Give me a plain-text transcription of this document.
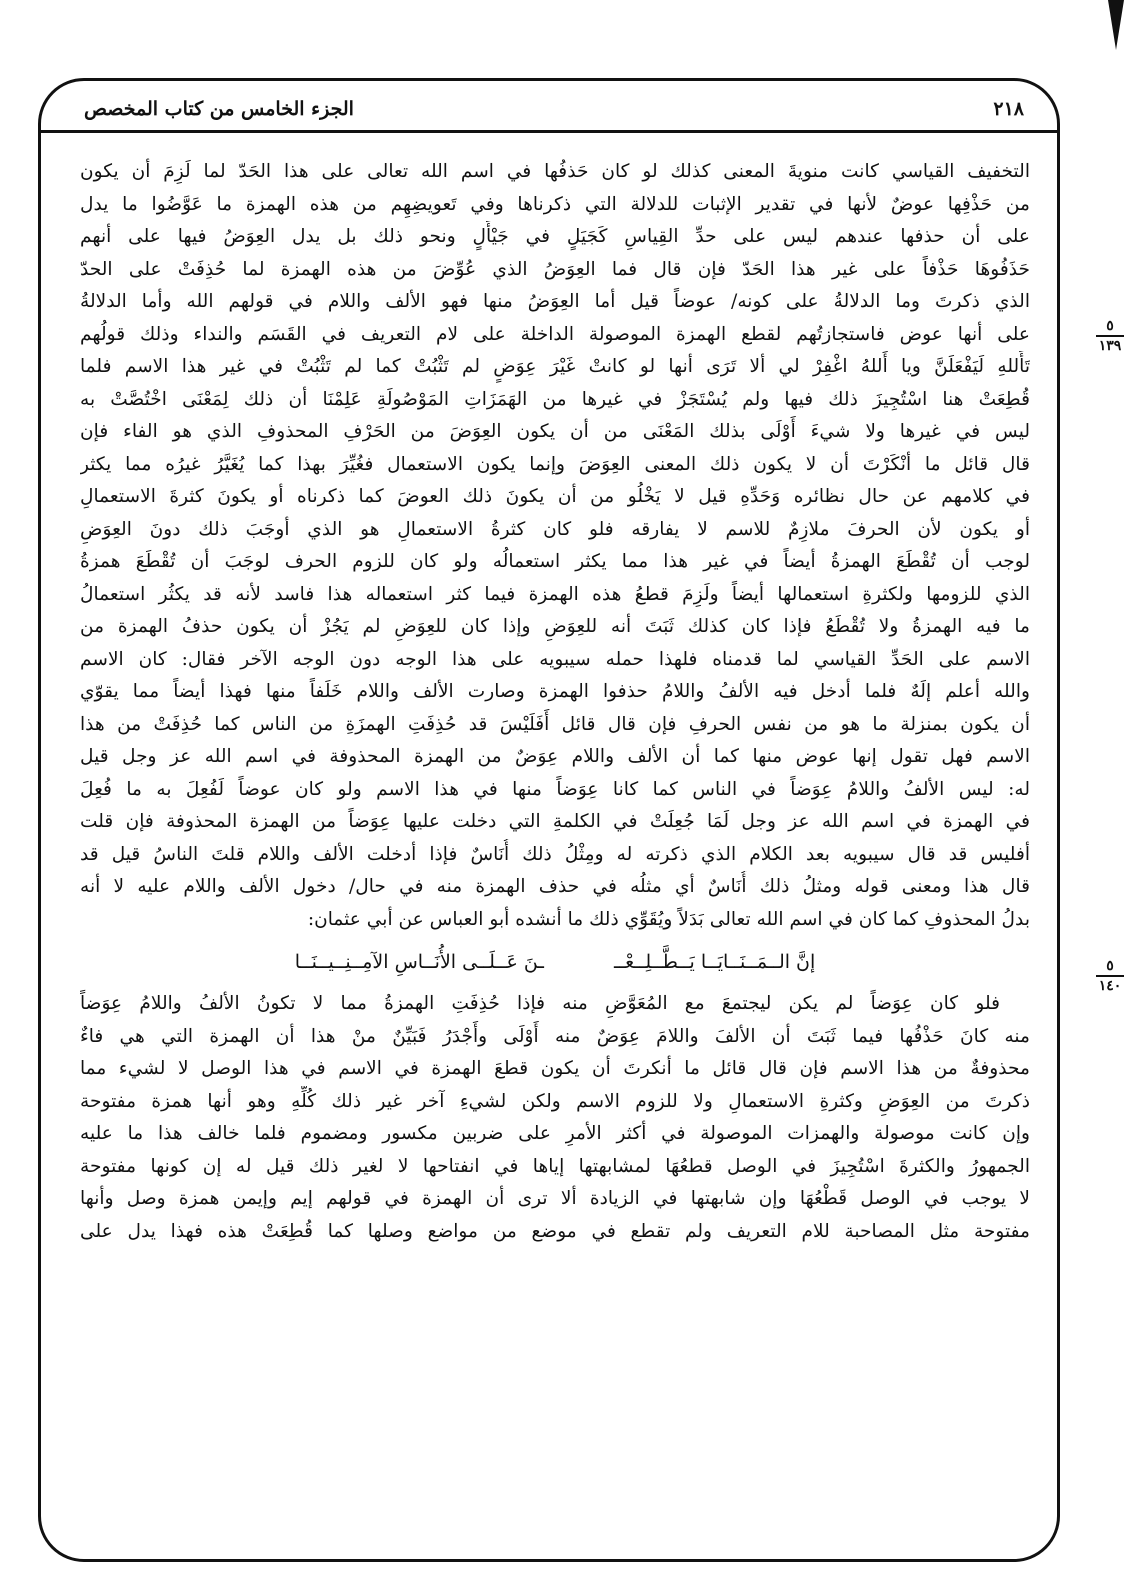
٢١٨
الجزء الخامس من كتاب المخصص
٥
١٣٩
٥
١٤٠
التخفيف القياسي كانت منويةَ المعنى كذلك لو كان حَذفُها في اسم الله تعالى على هذا الحَدّ لما لَزِمَ أن يكون
من حَذْفِها عوضٌ لأنها في تقدير الإثبات للدلالة التي ذكرناها وفي تَعويضِهِم من هذه الهمزة ما عَوَّضُوا ما يدل
على أن حذفها عندهم ليس على حدِّ القِياسِ كَجَيَلٍ في جَيْأَلٍ ونحو ذلك بل يدل العِوَضُ فيها على أنهم
حَذَفُوهَا حَذْفاً على غير هذا الحَدّ فإن قال فما العِوَضُ الذي عُوِّضَ من هذه الهمزة لما حُذِفَتْ على الحدّ
الذي ذكرتَ وما الدلالةُ على كونه/ عوضاً قيل أما العِوَضُ منها فهو الألف واللام في قولهم الله وأما الدلالةُ
على أنها عوض فاستجازتُهم لقطع الهمزة الموصولة الداخلة على لام التعريف في القَسَم والنداء وذلك قولُهم
تَأَللهِ لَيَفْعَلَنَّ ويا أَللهُ اغْفِرْ لي ألا تَرَى أنها لو كانتْ غَيْرَ عِوَضٍ لم تَثْبُتْ كما لم تَثْبُتْ في غير هذا الاسم فلما
قُطِعَتْ هنا اسْتُجِيزَ ذلك فيها ولم يُسْتَجَزْ في غيرها من الهَمَزَاتِ المَوْصُولَةِ عَلِمْنَا أن ذلك لِمَعْنَى اخْتُصَّتْ به
ليس في غيرها ولا شيءَ أَوْلَى بذلك المَعْنَى من أن يكون العِوَضَ من الحَرْفِ المحذوفِ الذي هو الفاء فإن
قال قائل ما أنْكَرْتَ أن لا يكون ذلك المعنى العِوَضَ وإنما يكون الاستعمال فغُيِّرَ بهذا كما يُغَيَّرُ غيرُه مما يكثر
في كلامهم عن حال نظائره وَحَدِّهِ قيل لا يَخْلُو من أن يكونَ ذلك العوضَ كما ذكرناه أو يكونَ كثرةَ الاستعمالِ
أو يكون لأن الحرفَ ملازِمٌ للاسم لا يفارقه فلو كان كثرةُ الاستعمالِ هو الذي أوجَبَ ذلك دونَ العِوَضِ
لوجب أن تُقْطَعَ الهمزةُ أيضاً في غير هذا مما يكثر استعمالُه ولو كان للزوم الحرف لوجَبَ أن تُقْطَعَ همزةُ
الذي للزومها ولكثرةِ استعمالها أيضاً ولَزِمَ قطعُ هذه الهمزة فيما كثر استعماله هذا فاسد لأنه قد يكثُر استعمالُ
ما فيه الهمزةُ ولا تُقْطَعُ فإذا كان كذلك ثَبَتَ أنه للعِوَضِ وإذا كان للعِوَضِ لم يَجُزْ أن يكون حذفُ الهمزة من
الاسم على الحَدِّ القياسي لما قدمناه فلهذا حمله سيبويه على هذا الوجه دون الوجه الآخر فقال: كان الاسم
والله أعلم إلَهٌ فلما أدخل فيه الألفُ واللامُ حذفوا الهمزة وصارت الألف واللام خَلَفاً منها فهذا أيضاً مما يقوّي
أن يكون بمنزلة ما هو من نفس الحرفِ فإن قال قائل أَفَلَيْسَ قد حُذِفَتِ الهمزَةِ من الناس كما حُذِفَتْ من هذا
الاسم فهل تقول إنها عوض منها كما أن الألف واللام عِوَضٌ من الهمزة المحذوفة في اسم الله عز وجل قيل
له: ليس الألفُ واللامُ عِوَضاً في الناس كما كانا عِوَضاً منها في هذا الاسم ولو كان عوضاً لَفُعِلَ به ما فُعِلَ
في الهمزة في اسم الله عز وجل لَمَا جُعِلَتْ في الكلمةِ التي دخلت عليها عِوَضاً من الهمزة المحذوفة فإن قلت
أفليس قد قال سيبويه بعد الكلام الذي ذكرته له ومِثْلُ ذلك أُنَاسٌ فإذا أدخلت الألف واللام قلتَ الناسُ قيل قد
قال هذا ومعنى قوله ومثلُ ذلك أُنَاسٌ أي مثلُه في حذف الهمزة منه في حال/ دخول الألف واللام عليه لا أنه
بدلُ المحذوفِ كما كان في اسم الله تعالى بَدَلاً ويُقَوِّي ذلك ما أنشده أبو العباس عن أبي عثمان:
إنَّ الــمَــنَــايَــا يَــطَّــلِــعْــ
ـنَ عَــلَــى الأُنَــاسِ الآمِــنِــيــنَــا
فلو كان عِوَضاً لم يكن ليجتمعَ مع المُعَوَّضِ منه فإذا حُذِفَتِ الهمزةُ مما لا تكونُ الألفُ واللامُ عِوَضاً
منه كانَ حَذْفُها فيما ثَبَتَ أن الألفَ واللامَ عِوَضٌ منه أَوْلَى وأَجْدَرُ فَبَيِّنٌ منْ هذا أن الهمزة التي هي فاءٌ
محذوفةٌ من هذا الاسم فإن قال قائل ما أنكرتَ أن يكون قطعَ الهمزة في الاسم في هذا الوصل لا لشيء مما
ذكرتَ من العِوَضِ وكثرةِ الاستعمالِ ولا للزوم الاسم ولكن لشيءِ آخر غير ذلك كُلِّهِ وهو أنها همزة مفتوحة
وإن كانت موصولة والهمزات الموصولة في أكثر الأمرِ على ضربين مكسور ومضموم فلما خالف هذا ما عليه
الجمهورُ والكثرةَ اسْتُجِيزَ في الوصل قطعُهَا لمشابهتها إياها في انفتاحها لا لغير ذلك قيل له إن كونها مفتوحة
لا يوجب في الوصل قَطْعُهَا وإن شابهتها في الزيادة ألا ترى أن الهمزة في قولهم إيم وإيمن همزة وصل وأنها
مفتوحة مثل المصاحبة للام التعريف ولم تقطع في موضع من مواضع وصلها كما قُطِعَتْ هذه فهذا يدل على
